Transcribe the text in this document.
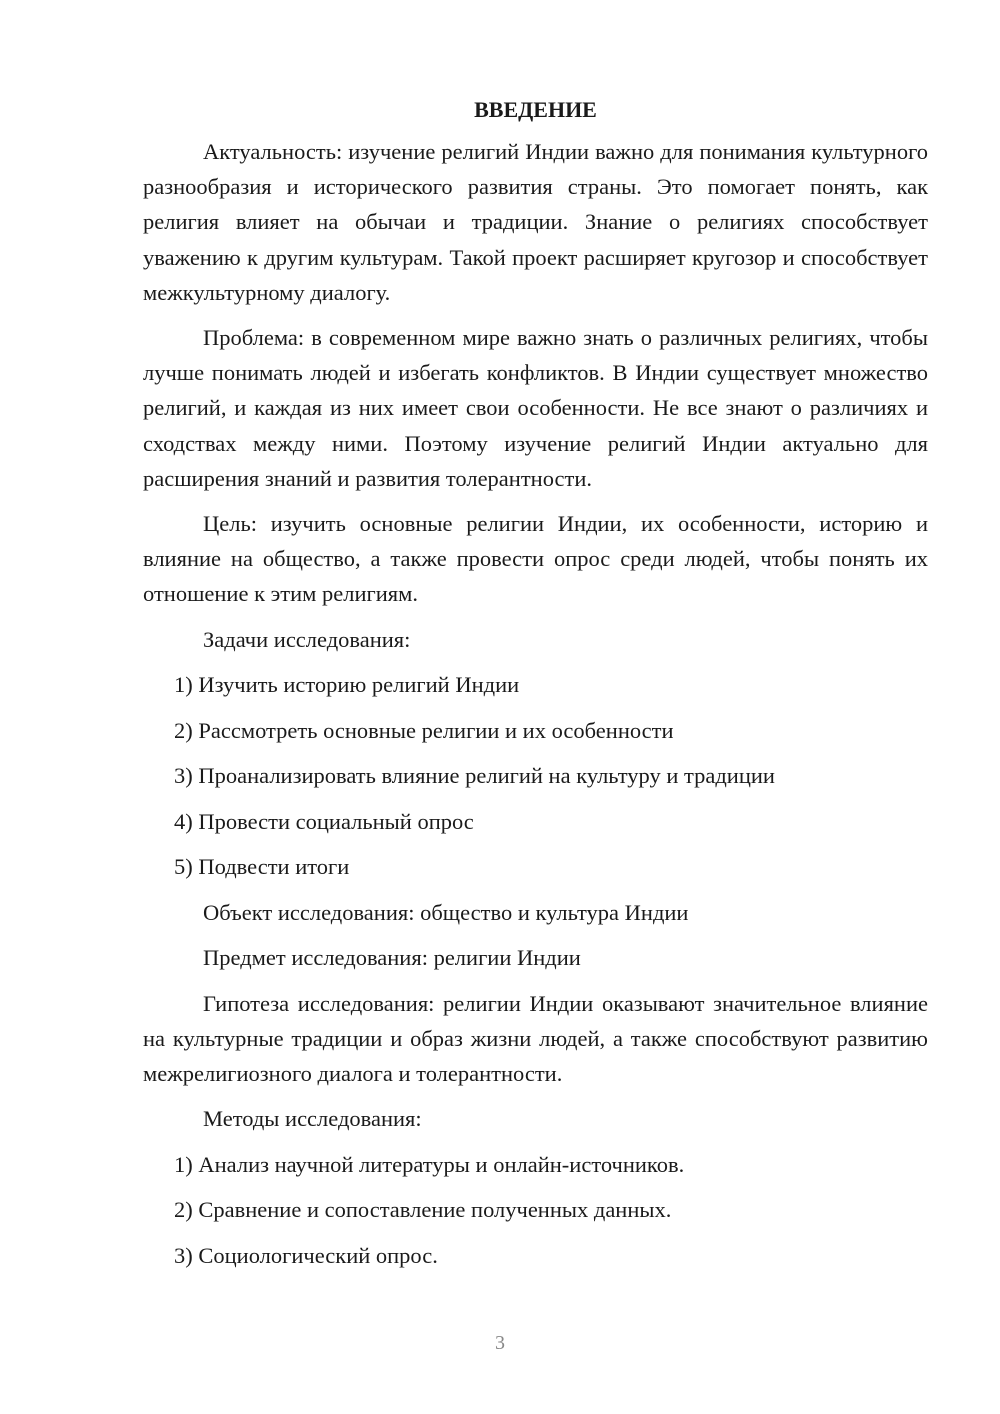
ВВЕДЕНИЕ

Актуальность: изучение религий Индии важно для понимания культурного разнообразия и исторического развития страны. Это помогает понять, как религия влияет на обычаи и традиции. Знание о религиях способствует уважению к другим культурам. Такой проект расширяет кругозор и способствует межкультурному диалогу.

Проблема: в современном мире важно знать о различных религиях, чтобы лучше понимать людей и избегать конфликтов. В Индии существует множество религий, и каждая из них имеет свои особенности. Не все знают о различиях и сходствах между ними. Поэтому изучение религий Индии актуально для расширения знаний и развития толерантности.

Цель: изучить основные религии Индии, их особенности, историю и влияние на общество, а также провести опрос среди людей, чтобы понять их отношение к этим религиям.

Задачи исследования:
1) Изучить историю религий Индии
2) Рассмотреть основные религии и их особенности
3) Проанализировать влияние религий на культуру и традиции
4) Провести социальный опрос
5) Подвести итоги
Объект исследования: общество и культура Индии
Предмет исследования: религии Индии

Гипотеза исследования: религии Индии оказывают значительное влияние на культурные традиции и образ жизни людей, а также способствуют развитию межрелигиозного диалога и толерантности.

Методы исследования:
1) Анализ научной литературы и онлайн-источников.
2) Сравнение и сопоставление полученных данных.
3) Социологический опрос.
3
